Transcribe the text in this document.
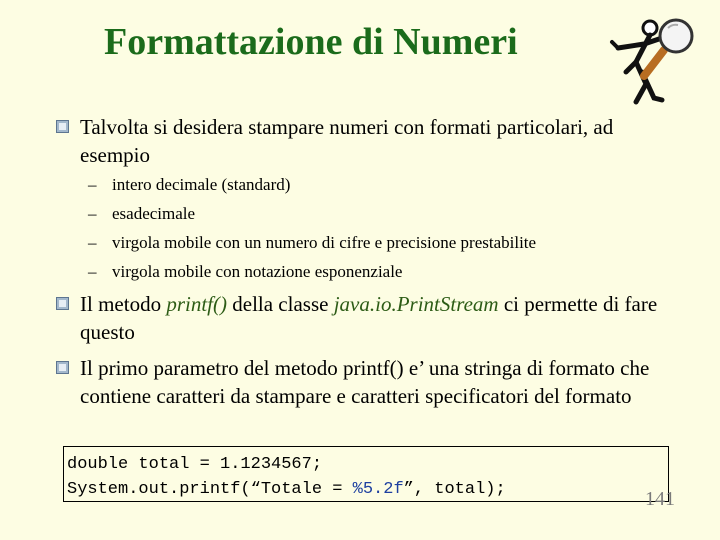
Formattazione di Numeri
Talvolta si desidera stampare numeri con formati particolari, ad esempio
– intero decimale (standard)
– esadecimale
– virgola mobile con un numero di cifre e precisione prestabilite
– virgola mobile con notazione esponenziale
Il metodo printf() della classe java.io.PrintStream ci permette di fare questo
Il primo parametro del metodo printf() e’ una stringa di formato che contiene caratteri da stampare e caratteri specificatori del formato
double total = 1.1234567;
System.out.printf(“Totale = %5.2f”, total);	141
